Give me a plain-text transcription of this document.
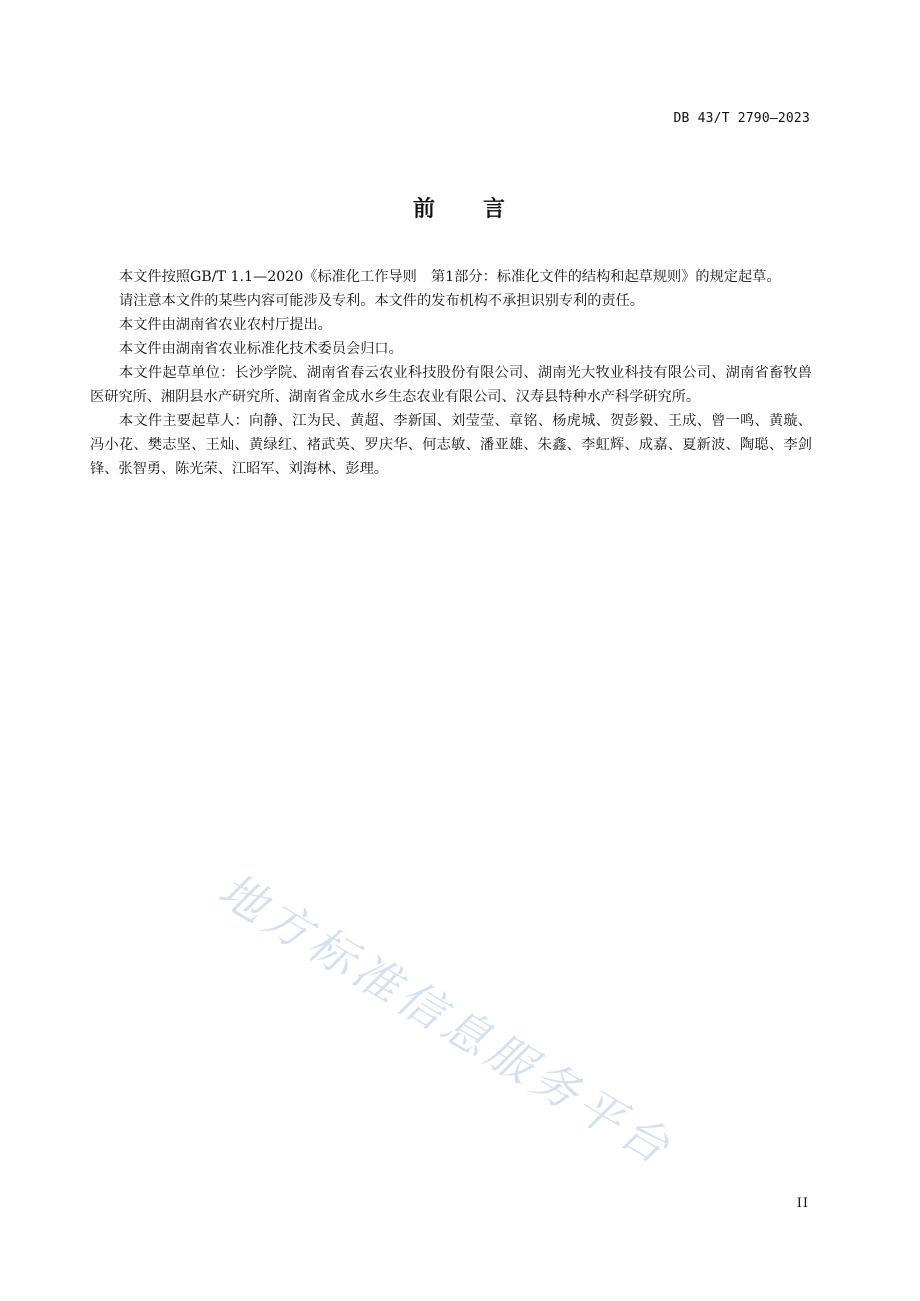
DB 43/T 2790—2023
前 言

本文件按照GB/T 1.1—2020《标准化工作导则　第1部分：标准化文件的结构和起草规则》的规定起草。

请注意本文件的某些内容可能涉及专利。本文件的发布机构不承担识别专利的责任。

本文件由湖南省农业农村厅提出。

本文件由湖南省农业标准化技术委员会归口。

本文件起草单位：长沙学院、湖南省春云农业科技股份有限公司、湖南光大牧业科技有限公司、湖南省畜牧兽医研究所、湘阴县水产研究所、湖南省金成水乡生态农业有限公司、汉寿县特种水产科学研究所。

本文件主要起草人：向静、江为民、黄超、李新国、刘莹莹、章铭、杨虎城、贺彭毅、王成、曾一鸣、黄璇、冯小花、樊志坚、王灿、黄绿红、褚武英、罗庆华、何志敏、潘亚雄、朱鑫、李虹辉、成嘉、夏新波、陶聪、李剑锋、张智勇、陈光荣、江昭军、刘海林、彭理。

地方标准信息服务平台
II
